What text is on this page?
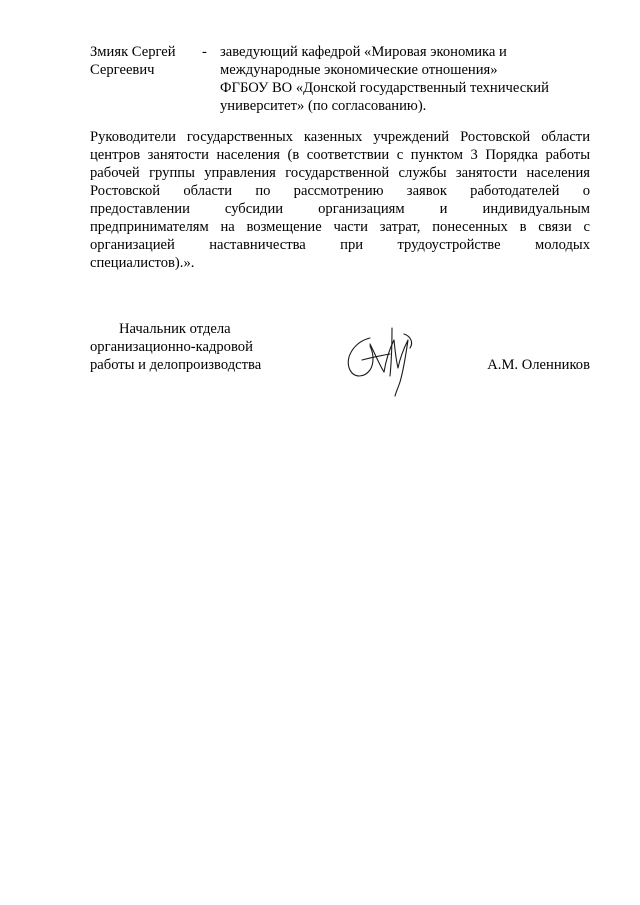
Змияк Сергей
Сергеевич
- заведующий кафедрой «Мировая экономика и
международные экономические отношения»
ФГБОУ ВО «Донской государственный технический
университет» (по согласованию).
Руководители государственных казенных учреждений Ростовской области
центров занятости населения (в соответствии с пунктом 3 Порядка работы
рабочей группы управления государственной службы занятости населения
Ростовской области по рассмотрению заявок работодателей о
предоставлении субсидии организациям и индивидуальным
предпринимателям на возмещение части затрат, понесенных в связи с
организацией наставничества при трудоустройстве молодых
специалистов).».
Начальник отдела
организационно-кадровой
работы и делопроизводства	А.М. Оленников
